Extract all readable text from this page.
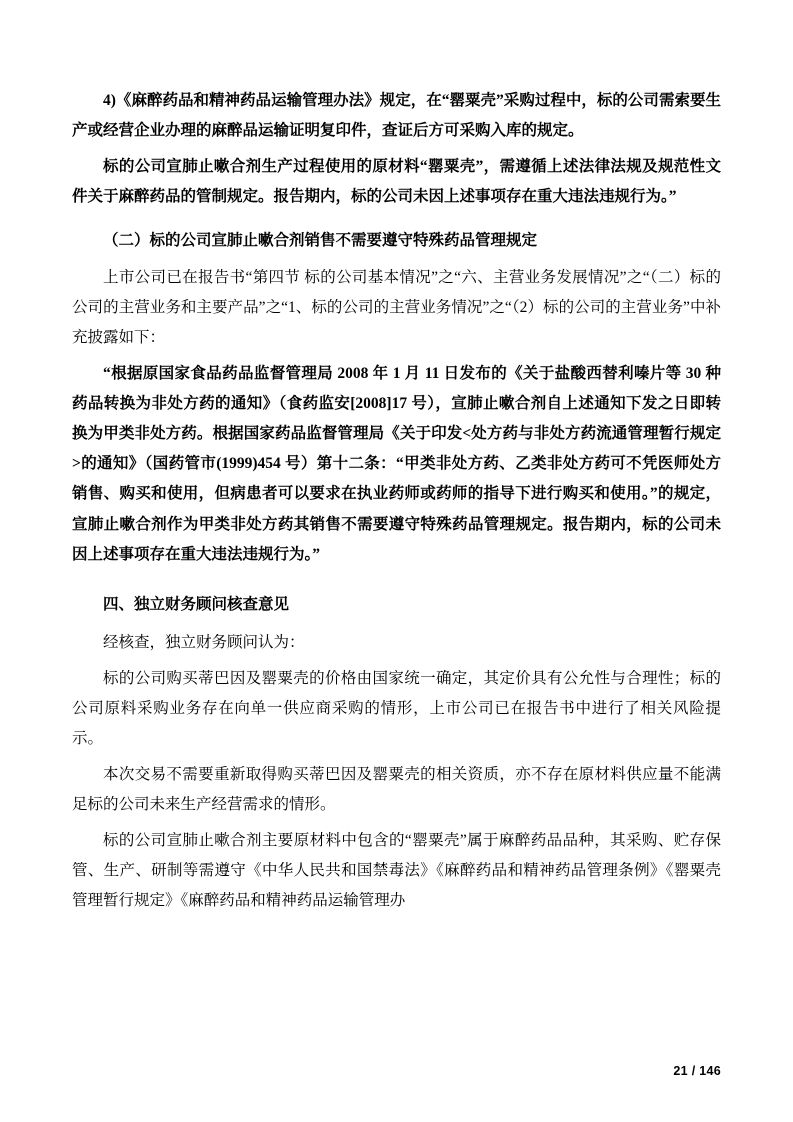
4)《麻醉药品和精神药品运输管理办法》规定，在“罂粟壳”采购过程中，标的公司需索要生产或经营企业办理的麻醉品运输证明复印件，查证后方可采购入库的规定。

标的公司宣肺止嗽合剂生产过程使用的原材料“罂粟壳”，需遵循上述法律法规及规范性文件关于麻醉药品的管制规定。报告期内，标的公司未因上述事项存在重大违法违规行为。”

（二）标的公司宣肺止嗽合剂销售不需要遵守特殊药品管理规定

上市公司已在报告书“第四节 标的公司基本情况”之“六、主营业务发展情况”之“（二）标的公司的主营业务和主要产品”之“1、标的公司的主营业务情况”之“（2）标的公司的主营业务”中补充披露如下：

“根据原国家食品药品监督管理局 2008 年 1 月 11 日发布的《关于盐酸西替利嗪片等 30 种药品转换为非处方药的通知》（食药监安[2008]17 号），宣肺止嗽合剂自上述通知下发之日即转换为甲类非处方药。根据国家药品监督管理局《关于印发<处方药与非处方药流通管理暂行规定>的通知》（国药管市(1999)454 号）第十二条：“甲类非处方药、乙类非处方药可不凭医师处方销售、购买和使用，但病患者可以要求在执业药师或药师的指导下进行购买和使用。”的规定，宣肺止嗽合剂作为甲类非处方药其销售不需要遵守特殊药品管理规定。报告期内，标的公司未因上述事项存在重大违法违规行为。”

四、独立财务顾问核查意见

经核查，独立财务顾问认为：

标的公司购买蒂巴因及罂粟壳的价格由国家统一确定，其定价具有公允性与合理性；标的公司原料采购业务存在向单一供应商采购的情形，上市公司已在报告书中进行了相关风险提示。

本次交易不需要重新取得购买蒂巴因及罂粟壳的相关资质，亦不存在原材料供应量不能满足标的公司未来生产经营需求的情形。

标的公司宣肺止嗽合剂主要原材料中包含的“罂粟壳”属于麻醉药品品种，其采购、贮存保管、生产、研制等需遵守《中华人民共和国禁毒法》《麻醉药品和精神药品管理条例》《罂粟壳管理暂行规定》《麻醉药品和精神药品运输管理办

21 / 146
